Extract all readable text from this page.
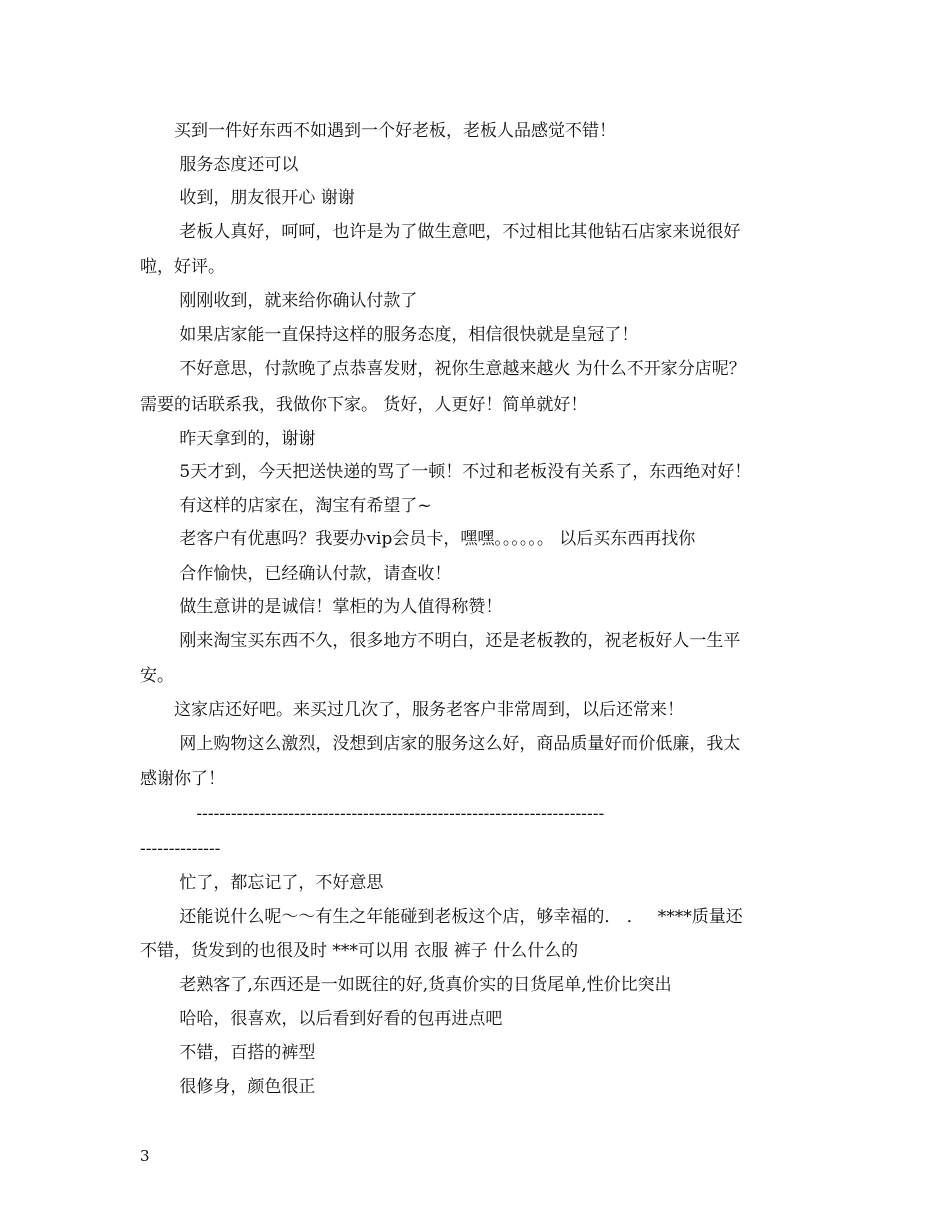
　　买到一件好东西不如遇到一个好老板，老板人品感觉不错！
　　 服务态度还可以
　　 收到，朋友很开心 谢谢
　　 老板人真好，呵呵，也许是为了做生意吧，不过相比其他钻石店家来说很好
啦，好评。
　　 刚刚收到，就来给你确认付款了
　　 如果店家能一直保持这样的服务态度，相信很快就是皇冠了！
　　 不好意思，付款晚了点恭喜发财，祝你生意越来越火 为什么不开家分店呢？
需要的话联系我，我做你下家。 货好，人更好！简单就好！
　　 昨天拿到的，谢谢
　　 5天才到，今天把送快递的骂了一顿！不过和老板没有关系了，东西绝对好！
　　 有这样的店家在，淘宝有希望了~
　　 老客户有优惠吗？我要办vip会员卡，嘿嘿。。。。。。 以后买东西再找你
　　 合作愉快，已经确认付款，请查收！
　　 做生意讲的是诚信！掌柜的为人值得称赞！
　　 刚来淘宝买东西不久，很多地方不明白，还是老板教的，祝老板好人一生平
安。
　　这家店还好吧。来买过几次了，服务老客户非常周到，以后还常来！
　　 网上购物这么激烈，没想到店家的服务这么好，商品质量好而价低廉，我太
感谢你了！
　　　 -----------------------------------------------------------------------
--------------
　　 忙了，都忘记了，不好意思
　　 还能说什么呢～～有生之年能碰到老板这个店，够幸福的． ．　 ****质量还
不错，货发到的也很及时 ***可以用 衣服 裤子 什么什么的
　　 老熟客了,东西还是一如既往的好,货真价实的日货尾单,性价比突出
　　 哈哈，很喜欢，以后看到好看的包再进点吧
　　 不错，百搭的裤型
　　 很修身，颜色很正
3
